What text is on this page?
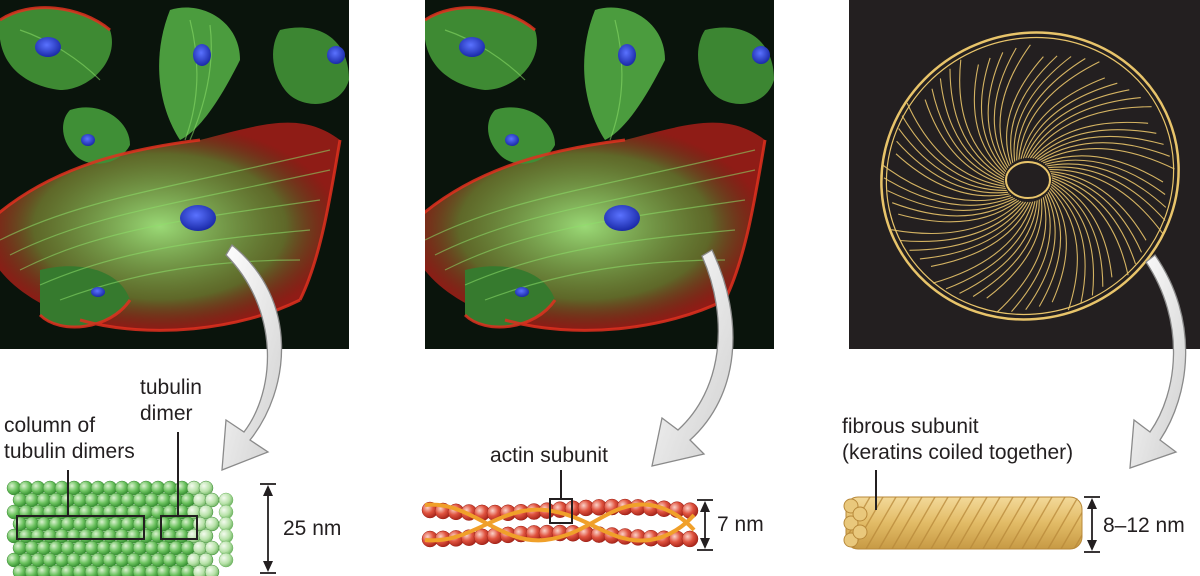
column of
tubulin dimers
tubulin
dimer
25 nm
actin subunit
7 nm
fibrous subunit
(keratins coiled together)
8–12 nm
